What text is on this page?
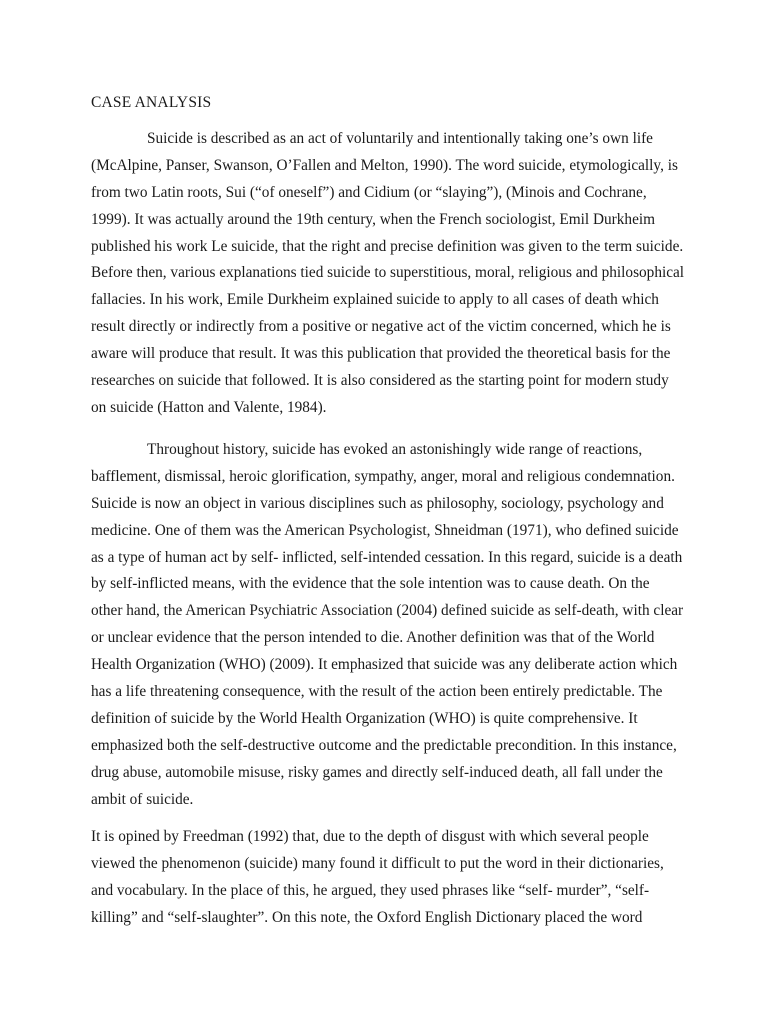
CASE ANALYSIS
Suicide is described as an act of voluntarily and intentionally taking one’s own life
(McAlpine, Panser, Swanson, O’Fallen and Melton, 1990). The word suicide, etymologically, is
from two Latin roots, Sui (“of oneself”) and Cidium (or “slaying”), (Minois and Cochrane,
1999). It was actually around the 19th century, when the French sociologist, Emil Durkheim
published his work Le suicide, that the right and precise definition was given to the term suicide.
Before then, various explanations tied suicide to superstitious, moral, religious and philosophical
fallacies. In his work, Emile Durkheim explained suicide to apply to all cases of death which
result directly or indirectly from a positive or negative act of the victim concerned, which he is
aware will produce that result. It was this publication that provided the theoretical basis for the
researches on suicide that followed. It is also considered as the starting point for modern study
on suicide (Hatton and Valente, 1984).
Throughout history, suicide has evoked an astonishingly wide range of reactions,
bafflement, dismissal, heroic glorification, sympathy, anger, moral and religious condemnation.
Suicide is now an object in various disciplines such as philosophy, sociology, psychology and
medicine. One of them was the American Psychologist, Shneidman (1971), who defined suicide
as a type of human act by self- inflicted, self-intended cessation. In this regard, suicide is a death
by self-inflicted means, with the evidence that the sole intention was to cause death. On the
other hand, the American Psychiatric Association (2004) defined suicide as self-death, with clear
or unclear evidence that the person intended to die. Another definition was that of the World
Health Organization (WHO) (2009). It emphasized that suicide was any deliberate action which
has a life threatening consequence, with the result of the action been entirely predictable. The
definition of suicide by the World Health Organization (WHO) is quite comprehensive. It
emphasized both the self-destructive outcome and the predictable precondition. In this instance,
drug abuse, automobile misuse, risky games and directly self-induced death, all fall under the
ambit of suicide.
It is opined by Freedman (1992) that, due to the depth of disgust with which several people
viewed the phenomenon (suicide) many found it difficult to put the word in their dictionaries,
and vocabulary. In the place of this, he argued, they used phrases like “self- murder”, “self-
killing” and “self-slaughter”. On this note, the Oxford English Dictionary placed the word
